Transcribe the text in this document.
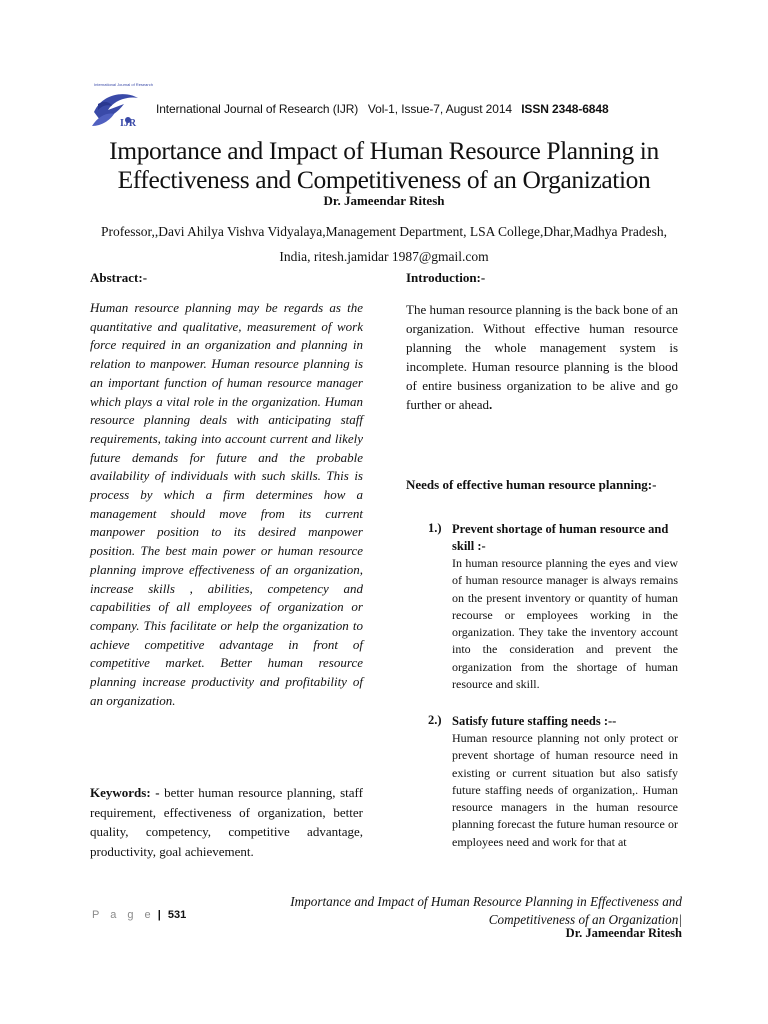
International Journal of Research
IJR
International Journal of Research (IJR)   Vol-1, Issue-7, August 2014 ISSN 2348-6848
Importance and Impact of Human Resource Planning in
Effectiveness and Competitiveness of an Organization
Dr. Jameendar Ritesh
Professor,,Davi Ahilya Vishva Vidyalaya,Management Department, LSA College,Dhar,Madhya Pradesh, India, ritesh.jamidar 1987@gmail.com
Abstract:-

Human resource planning may be regards as the quantitative and qualitative, measurement of work force required in an organization and planning in relation to manpower. Human resource planning is an important function of human resource manager which plays a vital role in the organization. Human resource planning deals with anticipating staff requirements, taking into account current and likely future demands for future and the probable availability of individuals with such skills. This is process by which a firm determines how a management should move from its current manpower position to its desired manpower position. The best main power or human resource planning improve effectiveness of an organization, increase skills , abilities, competency and capabilities of all employees of organization or company. This facilitate or help the organization to achieve competitive advantage in front of competitive market. Better human resource planning increase productivity and profitability of an organization.

Keywords: - better human resource planning, staff requirement, effectiveness of organization, better quality, competency, competitive advantage, productivity, goal achievement.

Introduction:-

The human resource planning is the back bone of an organization. Without effective human resource planning the whole management system is incomplete. Human resource planning is the blood of entire business organization to be alive and go further or ahead.

Needs of effective human resource planning:-

1.) Prevent shortage of human resource and skill :-
In human resource planning the eyes and view of human resource manager is always remains on the present inventory or quantity of human recourse or employees working in the organization. They take the inventory account into the consideration and prevent the organization from the shortage of human resource and skill.
2.) Satisfy future staffing needs :--
Human resource planning not only protect or prevent shortage of human resource need in existing or current situation but also satisfy future staffing needs of organization,. Human resource managers in the human resource planning forecast the future human resource or employees need and work for that at
Importance and Impact of Human Resource Planning in Effectiveness and
Competitiveness of an Organization|
Dr. Jameendar Ritesh
P a g e | 531
